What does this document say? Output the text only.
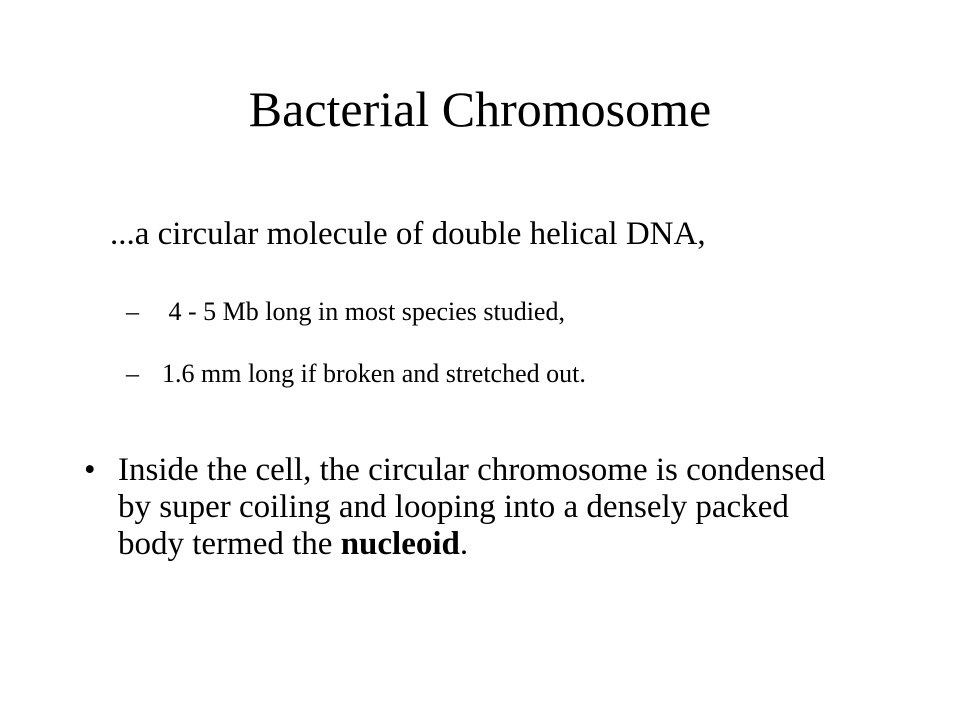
Bacterial Chromosome

...a circular molecule of double helical DNA,

– 4 - 5 Mb long in most species studied,
– 1.6 mm long if broken and stretched out.
• Inside the cell, the circular chromosome is condensed by super coiling and looping into a densely packed body termed the nucleoid.
